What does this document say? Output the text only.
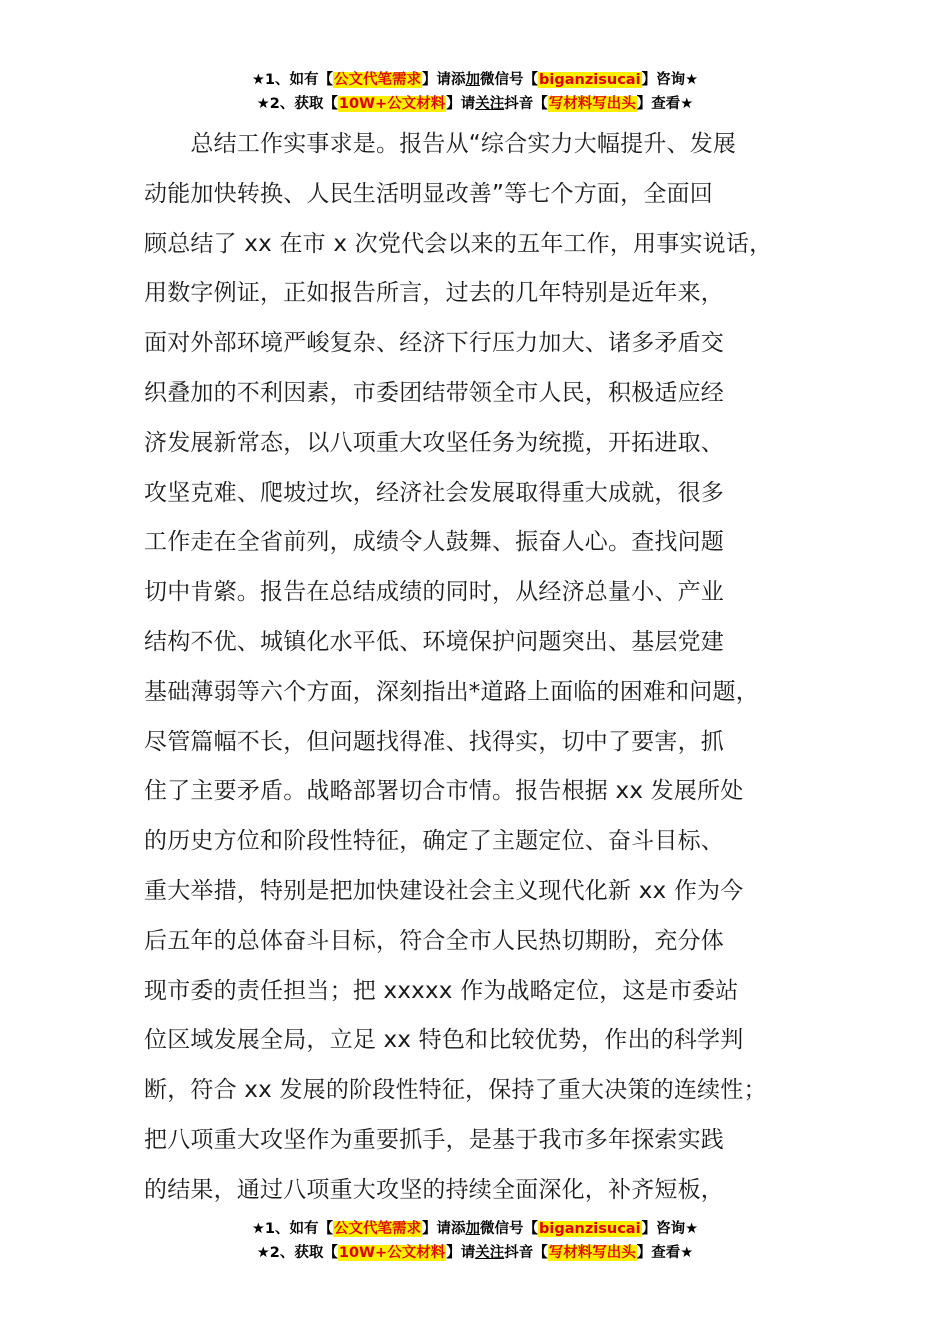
★1、如有【公文代笔需求】请添加微信号【biganzisucai】咨询★
★2、获取【10W+公文材料】请关注抖音【写材料写出头】查看★
　　总结工作实事求是。报告从“综合实力大幅提升、发展
动能加快转换、人民生活明显改善”等七个方面，全面回
顾总结了 xx 在市 x 次党代会以来的五年工作，用事实说话，
用数字例证，正如报告所言，过去的几年特别是近年来，
面对外部环境严峻复杂、经济下行压力加大、诸多矛盾交
织叠加的不利因素，市委团结带领全市人民，积极适应经
济发展新常态，以八项重大攻坚任务为统揽，开拓进取、
攻坚克难、爬坡过坎，经济社会发展取得重大成就，很多
工作走在全省前列，成绩令人鼓舞、振奋人心。查找问题
切中肯綮。报告在总结成绩的同时，从经济总量小、产业
结构不优、城镇化水平低、环境保护问题突出、基层党建
基础薄弱等六个方面，深刻指出*道路上面临的困难和问题，
尽管篇幅不长，但问题找得准、找得实，切中了要害，抓
住了主要矛盾。战略部署切合市情。报告根据 xx 发展所处
的历史方位和阶段性特征，确定了主题定位、奋斗目标、
重大举措，特别是把加快建设社会主义现代化新 xx 作为今
后五年的总体奋斗目标，符合全市人民热切期盼，充分体
现市委的责任担当；把 xxxxx 作为战略定位，这是市委站
位区域发展全局，立足 xx 特色和比较优势，作出的科学判
断，符合 xx 发展的阶段性特征，保持了重大决策的连续性；
把八项重大攻坚作为重要抓手，是基于我市多年探索实践
的结果，通过八项重大攻坚的持续全面深化，补齐短板，
★1、如有【公文代笔需求】请添加微信号【biganzisucai】咨询★
★2、获取【10W+公文材料】请关注抖音【写材料写出头】查看★
